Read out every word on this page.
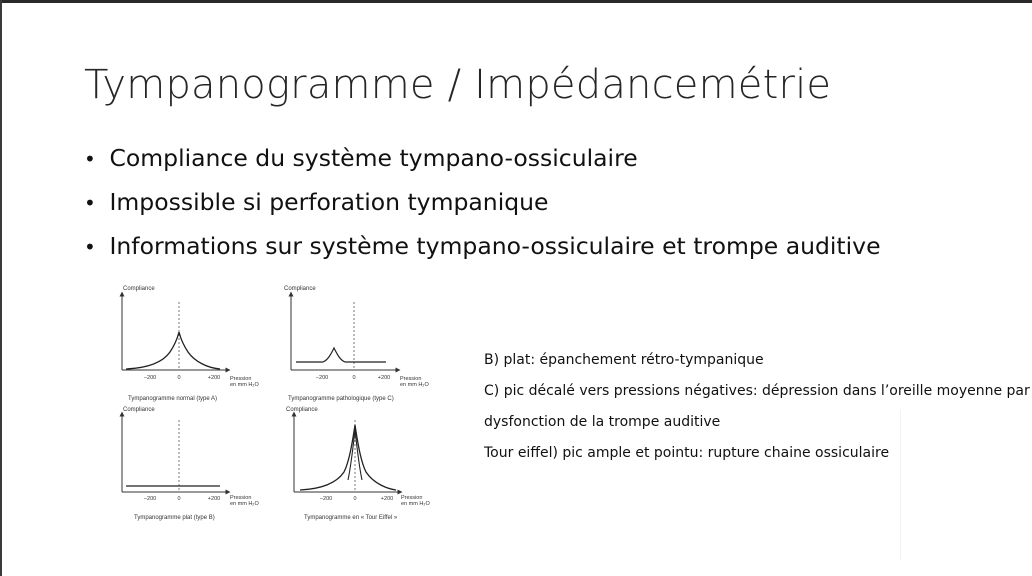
Tympanogramme / Impédancemétrie
• Compliance du système tympano-ossiculaire
• Impossible si perforation tympanique
• Informations sur système tympano-ossiculaire et trompe auditive
Compliance
−200	0	+200 Pression
en mm H₂O
Tympanogramme normal (type A)
Compliance
−200	0	+200 Pression
en mm H₂O
Tympanogramme pathologique (type C)
Compliance
−200	0	+200 Pression
en mm H₂O
Tympanogramme plat (type B)
Compliance
−200	0	+200 Pression
en mm H₂O
Tympanogramme en « Tour Eiffel »

B) plat: épanchement rétro-tympanique

C) pic décalé vers pressions négatives: dépression dans l’oreille moyenne par

dysfonction de la trompe auditive

Tour eiffel) pic ample et pointu: rupture chaine ossiculaire
